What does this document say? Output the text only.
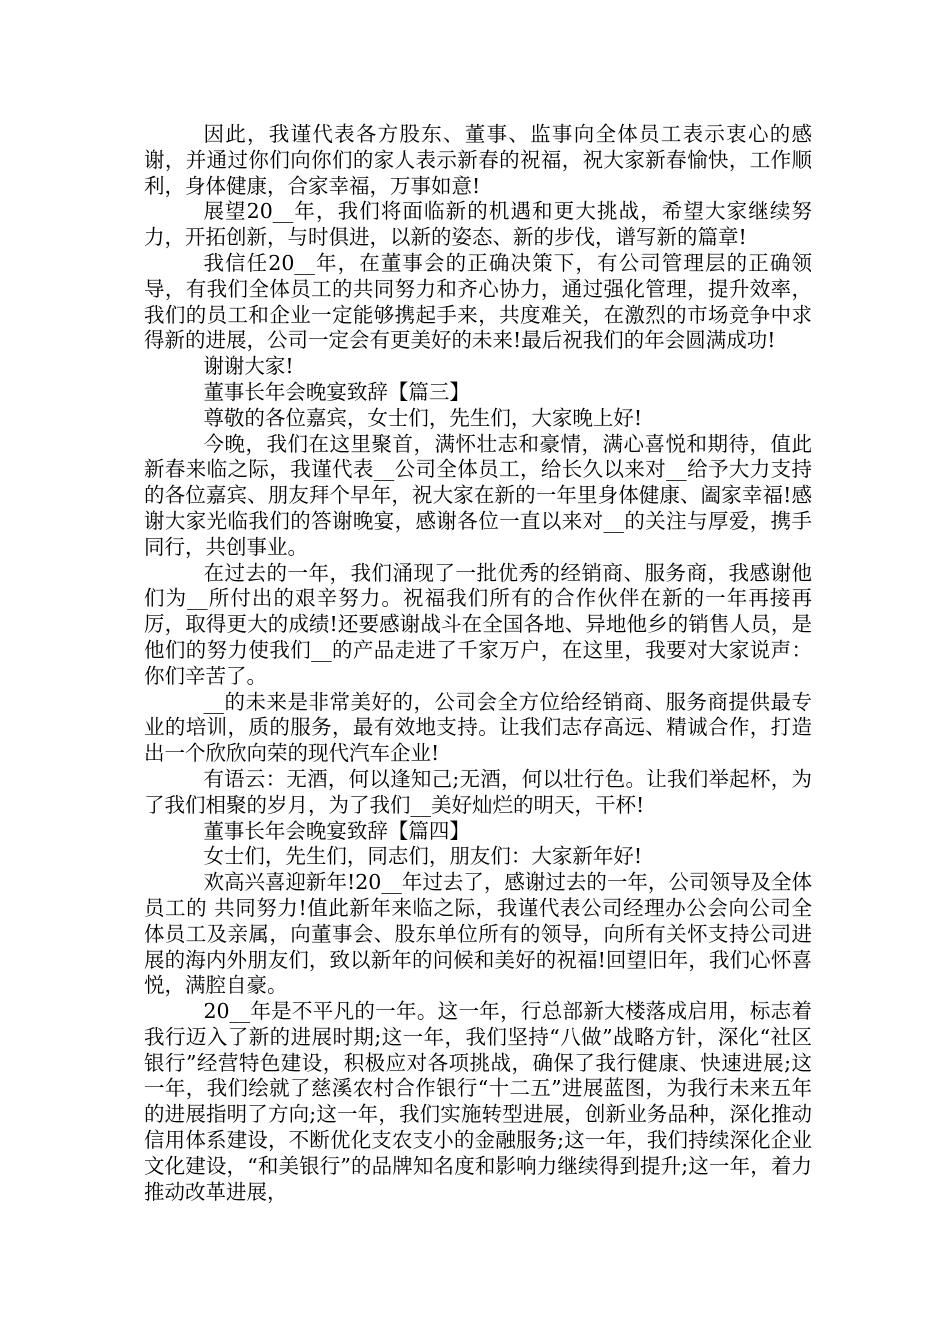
因此，我谨代表各方股东、董事、监事向全体员工表示衷心的感谢，并通过你们向你们的家人表示新春的祝福，祝大家新春愉快，工作顺利，身体健康，合家幸福，万事如意!

展望20__年，我们将面临新的机遇和更大挑战，希望大家继续努力，开拓创新，与时俱进，以新的姿态、新的步伐，谱写新的篇章!

我信任20__年，在董事会的正确决策下，有公司管理层的正确领导，有我们全体员工的共同努力和齐心协力，通过强化管理，提升效率，我们的员工和企业一定能够携起手来，共度难关，在激烈的市场竞争中求得新的进展，公司一定会有更美好的未来!最后祝我们的年会圆满成功!

谢谢大家!

董事长年会晚宴致辞【篇三】

尊敬的各位嘉宾，女士们，先生们，大家晚上好!

今晚，我们在这里聚首，满怀壮志和豪情，满心喜悦和期待，值此新春来临之际，我谨代表__公司全体员工，给长久以来对__给予大力支持的各位嘉宾、朋友拜个早年，祝大家在新的一年里身体健康、阖家幸福!感谢大家光临我们的答谢晚宴，感谢各位一直以来对__的关注与厚爱，携手同行，共创事业。

在过去的一年，我们涌现了一批优秀的经销商、服务商，我感谢他们为__所付出的艰辛努力。祝福我们所有的合作伙伴在新的一年再接再厉，取得更大的成绩!还要感谢战斗在全国各地、异地他乡的销售人员，是他们的努力使我们__的产品走进了千家万户，在这里，我要对大家说声：你们辛苦了。

__的未来是非常美好的，公司会全方位给经销商、服务商提供最专业的培训，质的服务，最有效地支持。让我们志存高远、精诚合作，打造出一个欣欣向荣的现代汽车企业!

有语云：无酒，何以逢知己;无酒，何以壮行色。让我们举起杯，为了我们相聚的岁月，为了我们__美好灿烂的明天，干杯!

董事长年会晚宴致辞【篇四】

女士们，先生们，同志们，朋友们：大家新年好!

欢高兴喜迎新年!20__年过去了，感谢过去的一年，公司领导及全体员工的 共同努力!值此新年来临之际，我谨代表公司经理办公会向公司全体员工及亲属，向董事会、股东单位所有的领导，向所有关怀支持公司进展的海内外朋友们，致以新年的问候和美好的祝福!回望旧年，我们心怀喜悦，满腔自豪。

20__年是不平凡的一年。这一年，行总部新大楼落成启用，标志着我行迈入了新的进展时期;这一年，我们坚持“八做”战略方针，深化“社区银行”经营特色建设，积极应对各项挑战，确保了我行健康、快速进展;这一年，我们绘就了慈溪农村合作银行“十二五”进展蓝图，为我行未来五年的进展指明了方向;这一年，我们实施转型进展，创新业务品种，深化推动信用体系建设，不断优化支农支小的金融服务;这一年，我们持续深化企业文化建设，“和美银行”的品牌知名度和影响力继续得到提升;这一年，着力推动改革进展，
